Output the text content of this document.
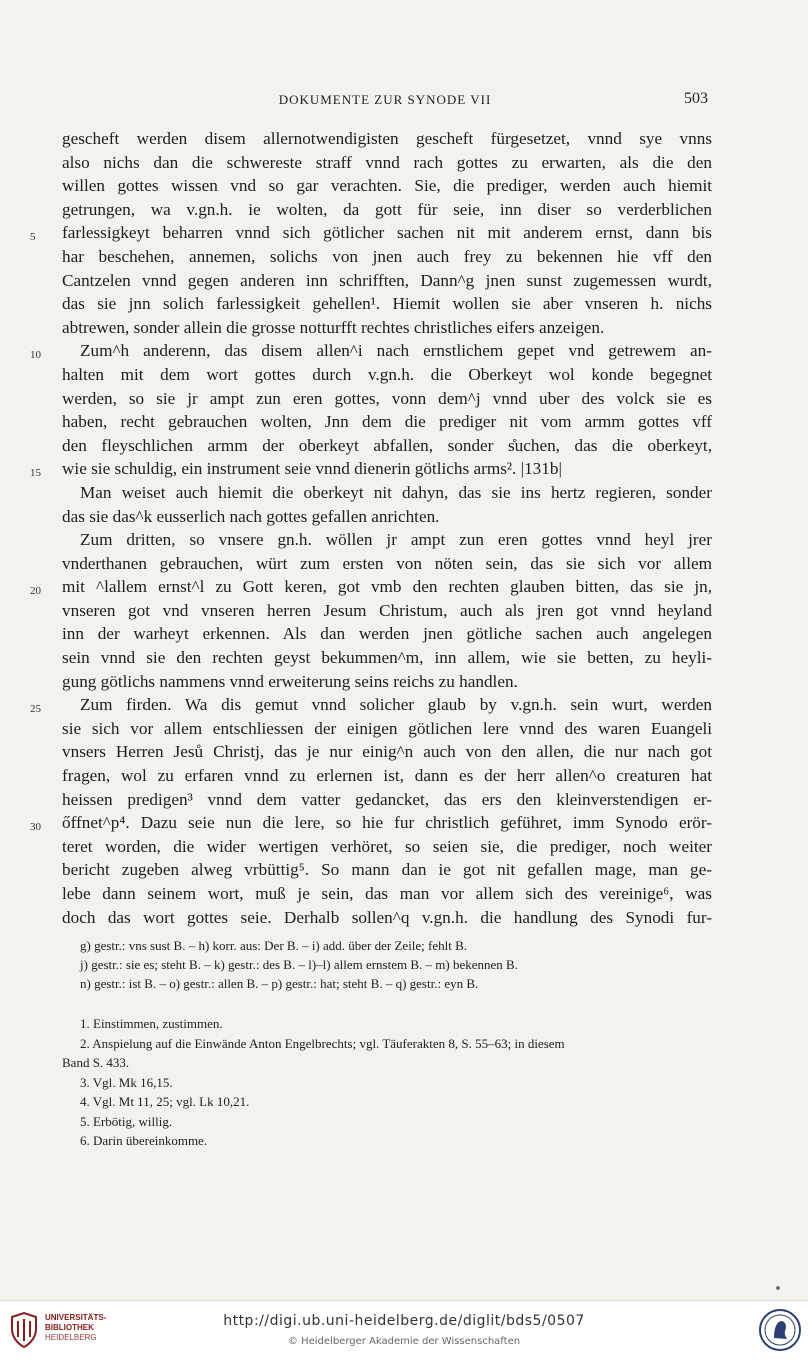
DOKUMENTE ZUR SYNODE VII	503
gescheft werden disem allernotwendigisten gescheft fürgesetzet, vnnd sye vnns
also nichs dan die schwereste straff vnnd rach gottes zu erwarten, als die den
willen gottes wissen vnd so gar verachten. Sie, die prediger, werden auch hiemit
getrungen, wa v.gn.h. ie wolten, da gott für seie, inn diser so verderblichen
farlessigkeyt beharren vnnd sich götlicher sachen nit mit anderem ernst, dann bis
har beschehen, annemen, solichs von jnen auch frey zu bekennen hie vff den
Cantzelen vnnd gegen anderen inn schrifften, Dann^g jnen sunst zugemessen wurdt,
das sie jnn solich farlessigkeit gehellen¹. Hiemit wollen sie aber vnseren h. nichs
abtrewen, sonder allein die grosse notturfft rechtes christliches eifers anzeigen.
Zum^h anderenn, das disem allen^i nach ernstlichem gepet vnd getrewem an-
halten mit dem wort gottes durch v.gn.h. die Oberkeyt wol konde begegnet
werden, so sie jr ampt zun eren gottes, vonn dem^j vnnd uber des volck sie es
haben, recht gebrauchen wolten, Jnn dem die prediger nit vom armm gottes vff
den fleyschlichen armm der oberkeyt abfallen, sonder s̊uchen, das die oberkeyt,
wie sie schuldig, ein instrument seie vnnd dienerin götlichs arms². |131b|
Man weiset auch hiemit die oberkeyt nit dahyn, das sie ins hertz regieren, sonder
das sie das^k eusserlich nach gottes gefallen anrichten.
Zum dritten, so vnsere gn.h. wöllen jr ampt zun eren gottes vnnd heyl jrer
vnderthanen gebrauchen, würt zum ersten von nöten sein, das sie sich vor allem
mit ^lallem ernst^l zu Gott keren, got vmb den rechten glauben bitten, das sie jn,
vnseren got vnd vnseren herren Jesum Christum, auch als jren got vnnd heyland
inn der warheyt erkennen. Als dan werden jnen götliche sachen auch angelegen
sein vnnd sie den rechten geyst bekummen^m, inn allem, wie sie betten, zu heyli-
gung götlichs nammens vnnd erweiterung seins reichs zu handlen.
Zum firden. Wa dis gemut vnnd solicher glaub by v.gn.h. sein wurt, werden
sie sich vor allem entschliessen der einigen götlichen lere vnnd des waren Euangeli
vnsers Herren Jesů Christj, das je nur einig^n auch von den allen, die nur nach got
fragen, wol zu erfaren vnnd zu erlernen ist, dann es der herr allen^o creaturen hat
heissen predigen³ vnnd dem vatter gedancket, das ers den kleinverstendigen er-
őffnet^p⁴. Dazu seie nun die lere, so hie fur christlich geführet, imm Synodo erör-
teret worden, die wider wertigen verhöret, so seien sie, die prediger, noch weiter
bericht zugeben alweg vrbüttig⁵. So mann dan ie got nit gefallen mage, man ge-
lebe dann seinem wort, muß je sein, das man vor allem sich des vereinige⁶, was
doch das wort gottes seie. Derhalb sollen^q v.gn.h. die handlung des Synodi fur-
5
10
15
20
25
30

g) gestr.: vns sust B. – h) korr. aus: Der B. – i) add. über der Zeile; fehlt B.

j) gestr.: sie es; steht B. – k) gestr.: des B. – l)–l) allem ernstem B. – m) bekennen B.

n) gestr.: ist B. – o) gestr.: allen B. – p) gestr.: hat; steht B. – q) gestr.: eyn B.

1. Einstimmen, zustimmen.

2. Anspielung auf die Einwände Anton Engelbrechts; vgl. Täuferakten 8, S. 55–63; in diesem

Band S. 433.

3. Vgl. Mk 16,15.

4. Vgl. Mt 11, 25; vgl. Lk 10,21.

5. Erbötig, willig.

6. Darin übereinkomme.

UNIVERSITÄTS-
BIBLIOTHEK
HEIDELBERG
http://digi.ub.uni-heidelberg.de/diglit/bds5/0507
© Heidelberger Akademie der Wissenschaften
